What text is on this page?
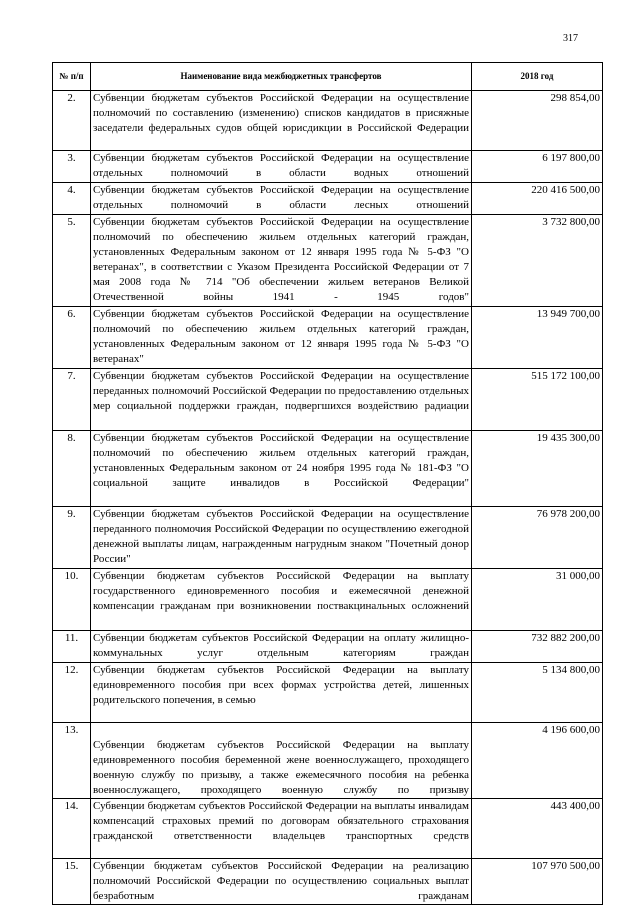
317
№ п/п	Наименование вида межбюджетных трансфертов	2018 год
2.	Субвенции бюджетам субъектов Российской Федерации на осуществление полномочий по составлению (изменению) списков кандидатов в присяжные заседатели федеральных судов общей юрисдикции в Российской Федерации	298 854,00
3.	Субвенции бюджетам субъектов Российской Федерации на осуществление отдельных полномочий в области водных отношений	6 197 800,00
4.	Субвенции бюджетам субъектов Российской Федерации на осуществление отдельных полномочий в области лесных отношений	220 416 500,00
5.	Субвенции бюджетам субъектов Российской Федерации на осуществление полномочий по обеспечению жильем отдельных категорий граждан, установленных Федеральным законом от 12 января 1995 года № 5-ФЗ "О ветеранах", в соответствии с Указом Президента Российской Федерации от 7 мая 2008 года № 714 "Об обеспечении жильем ветеранов Великой Отечественной войны 1941 - 1945 годов"	3 732 800,00
6.	Субвенции бюджетам субъектов Российской Федерации на осуществление полномочий по обеспечению жильем отдельных категорий граждан, установленных Федеральным законом от 12 января 1995 года № 5-ФЗ "О ветеранах"	13 949 700,00
7.	Субвенции бюджетам субъектов Российской Федерации на осуществление переданных полномочий Российской Федерации по предоставлению отдельных мер социальной поддержки граждан, подвергшихся воздействию радиации	515 172 100,00
8.	Субвенции бюджетам субъектов Российской Федерации на осуществление полномочий по обеспечению жильем отдельных категорий граждан, установленных Федеральным законом от 24 ноября 1995 года № 181-ФЗ "О социальной защите инвалидов в Российской Федерации"	19 435 300,00
9.	Субвенции бюджетам субъектов Российской Федерации на осуществление переданного полномочия Российской Федерации по осуществлению ежегодной денежной выплаты лицам, награжденным нагрудным знаком "Почетный донор России"	76 978 200,00
10.	Субвенции бюджетам субъектов Российской Федерации на выплату государственного единовременного пособия и ежемесячной денежной компенсации гражданам при возникновении поствакцинальных осложнений	31 000,00
11.	Субвенции бюджетам субъектов Российской Федерации на оплату жилищно-коммунальных услуг отдельным категориям граждан	732 882 200,00
12.	Субвенции бюджетам субъектов Российской Федерации на выплату единовременного пособия при всех формах устройства детей, лишенных родительского попечения, в семью	5 134 800,00
13.	Субвенции бюджетам субъектов Российской Федерации на выплату единовременного пособия беременной жене военнослужащего, проходящего военную службу по призыву, а также ежемесячного пособия на ребенка военнослужащего, проходящего военную службу по призыву	4 196 600,00
14.	Субвенции бюджетам субъектов Российской Федерации на выплаты инвалидам компенсаций страховых премий по договорам обязательного страхования гражданской ответственности владельцев транспортных средств	443 400,00
15.	Субвенции бюджетам субъектов Российской Федерации на реализацию полномочий Российской Федерации по осуществлению социальных выплат безработным гражданам	107 970 500,00
